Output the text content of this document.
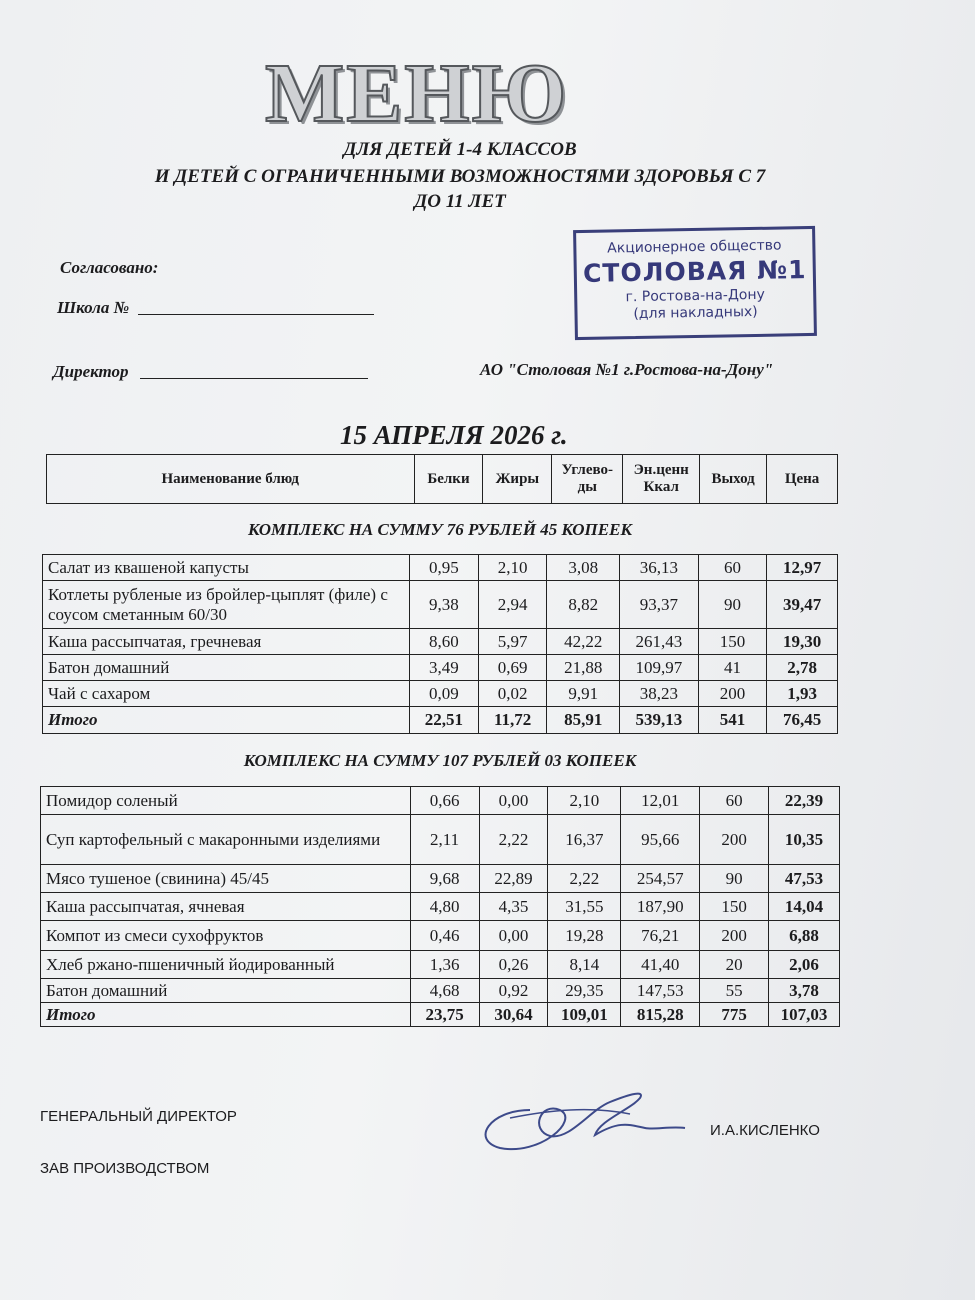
МЕНЮ
ДЛЯ ДЕТЕЙ 1-4 КЛАССОВ
И ДЕТЕЙ С ОГРАНИЧЕННЫМИ ВОЗМОЖНОСТЯМИ ЗДОРОВЬЯ С 7
ДО 11 ЛЕТ
Согласовано:
Школа №
Директор
Акционерное общество
СТОЛОВАЯ №1
г. Ростова-на-Дону
(для накладных)
АО "Столовая №1 г.Ростова-на-Дону"
15 АПРЕЛЯ 2026 г.
Наименование блюд	Белки	Жиры	Углево-ды	Эн.ценн Ккал	Выход	Цена
КОМПЛЕКС НА СУММУ 76 РУБЛЕЙ 45 КОПЕЕК
Салат из квашеной капусты	0,95	2,10	3,08	36,13	60	12,97
Котлеты рубленые из бройлер-цыплят (филе) с соусом сметанным 60/30	9,38	2,94	8,82	93,37	90	39,47
Каша рассыпчатая, гречневая	8,60	5,97	42,22	261,43	150	19,30
Батон домашний	3,49	0,69	21,88	109,97	41	2,78
Чай с сахаром	0,09	0,02	9,91	38,23	200	1,93
Итого	22,51	11,72	85,91	539,13	541	76,45
КОМПЛЕКС НА СУММУ 107 РУБЛЕЙ 03 КОПЕЕК
Помидор соленый	0,66	0,00	2,10	12,01	60	22,39
Суп картофельный с макаронными изделиями	2,11	2,22	16,37	95,66	200	10,35
Мясо тушеное (свинина) 45/45	9,68	22,89	2,22	254,57	90	47,53
Каша рассыпчатая, ячневая	4,80	4,35	31,55	187,90	150	14,04
Компот из смеси сухофруктов	0,46	0,00	19,28	76,21	200	6,88
Хлеб ржано-пшеничный йодированный	1,36	0,26	8,14	41,40	20	2,06
Батон домашний	4,68	0,92	29,35	147,53	55	3,78
Итого	23,75	30,64	109,01	815,28	775	107,03
ГЕНЕРАЛЬНЫЙ ДИРЕКТОР
И.А.КИСЛЕНКО
ЗАВ ПРОИЗВОДСТВОМ
